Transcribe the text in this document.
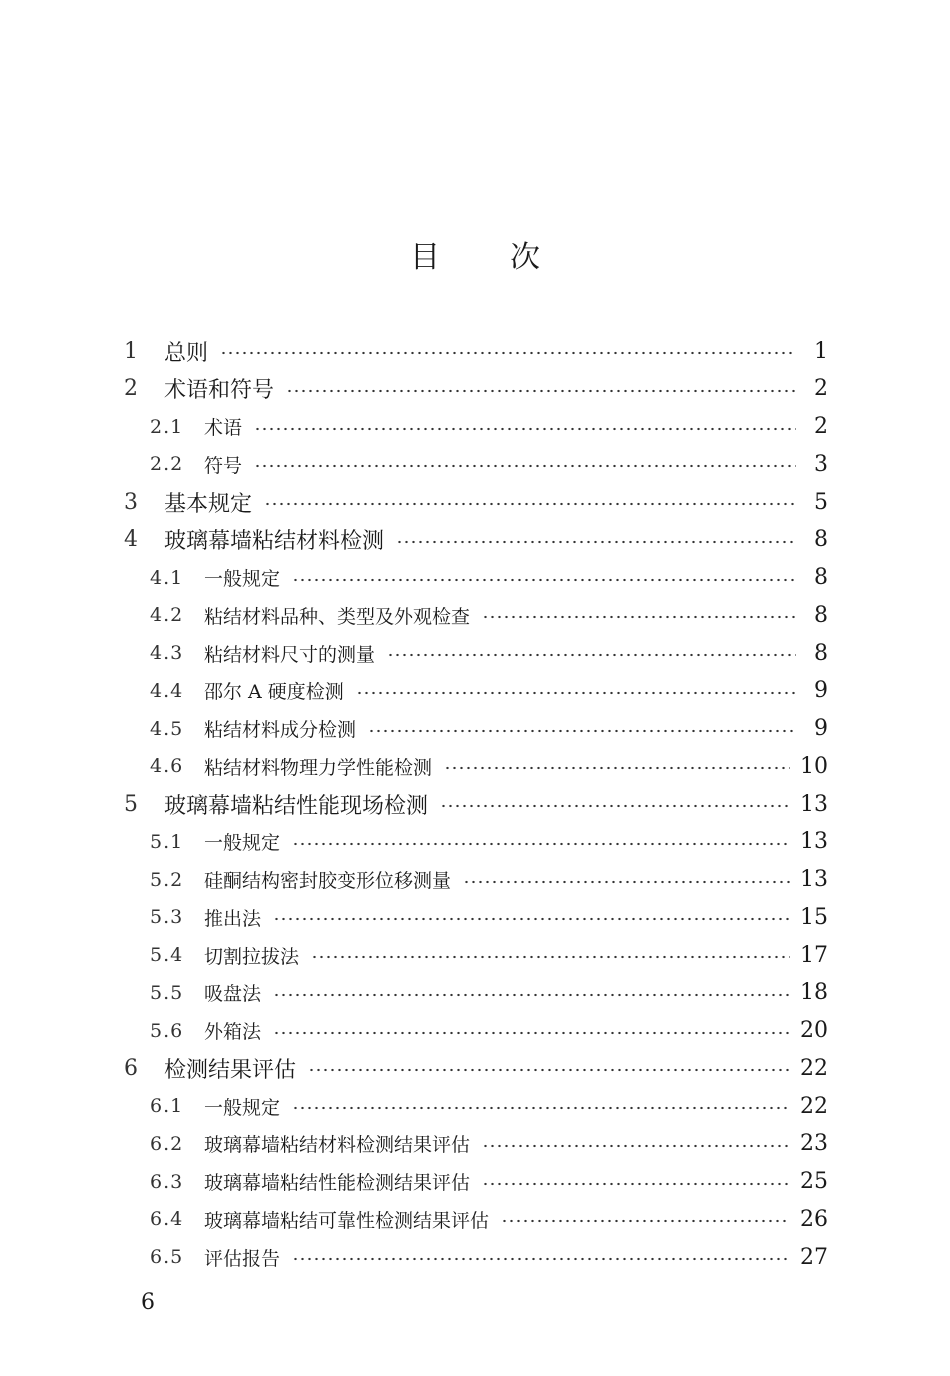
目 次
1	总则	1
2	术语和符号	2
2.1	术语	2
2.2	符号	3
3	基本规定	5
4	玻璃幕墙粘结材料检测	8
4.1	一般规定	8
4.2	粘结材料品种、类型及外观检查	8
4.3	粘结材料尺寸的测量	8
4.4	邵尔 A 硬度检测	9
4.5	粘结材料成分检测	9
4.6	粘结材料物理力学性能检测	10
5	玻璃幕墙粘结性能现场检测	13
5.1	一般规定	13
5.2	硅酮结构密封胶变形位移测量	13
5.3	推出法	15
5.4	切割拉拔法	17
5.5	吸盘法	18
5.6	外箱法	20
6	检测结果评估	22
6.1	一般规定	22
6.2	玻璃幕墙粘结材料检测结果评估	23
6.3	玻璃幕墙粘结性能检测结果评估	25
6.4	玻璃幕墙粘结可靠性检测结果评估	26
6.5	评估报告	27
6
